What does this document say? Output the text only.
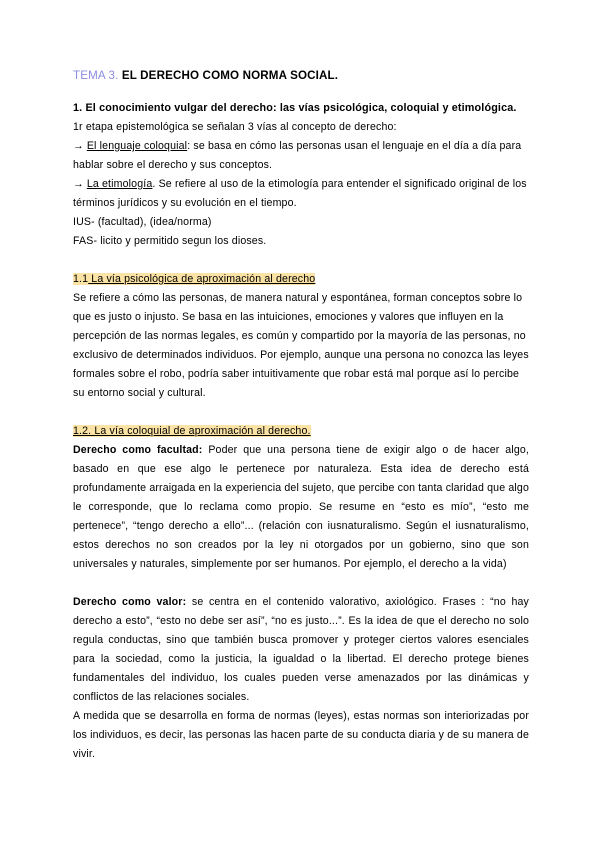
TEMA 3. EL DERECHO COMO NORMA SOCIAL.

1. El conocimiento vulgar del derecho: las vías psicológica, coloquial y etimológica.

1r etapa epistemológica se señalan 3 vías al concepto de derecho:

→ El lenguaje coloquial: se basa en cómo las personas usan el lenguaje en el día a día para hablar sobre el derecho y sus conceptos.

→ La etimología. Se refiere al uso de la etimología para entender el significado original de los términos jurídicos y su evolución en el tiempo.

IUS- (facultad), (idea/norma)

FAS- licito y permitido segun los dioses.

1.1 La vía psicológica de aproximación al derecho

Se refiere a cómo las personas, de manera natural y espontánea, forman conceptos sobre lo que es justo o injusto. Se basa en las intuiciones, emociones y valores que influyen en la percepción de las normas legales, es común y compartido por la mayoría de las personas, no exclusivo de determinados individuos. Por ejemplo, aunque una persona no conozca las leyes formales sobre el robo, podría saber intuitivamente que robar está mal porque así lo percibe su entorno social y cultural.

1.2. La vía coloquial de aproximación al derecho.

Derecho como facultad: Poder que una persona tiene de exigir algo o de hacer algo, basado en que ese algo le pertenece por naturaleza. Esta idea de derecho está profundamente arraigada en la experiencia del sujeto, que percibe con tanta claridad que algo le corresponde, que lo reclama como propio. Se resume en “esto es mío”, “esto me pertenece”, “tengo derecho a ello”... (relación con iusnaturalismo. Según el iusnaturalismo, estos derechos no son creados por la ley ni otorgados por un gobierno, sino que son universales y naturales, simplemente por ser humanos. Por ejemplo, el derecho a la vida)

Derecho como valor: se centra en el contenido valorativo, axiológico. Frases : “no hay derecho a esto”, “esto no debe ser así”, “no es justo...”. Es la idea de que el derecho no solo regula conductas, sino que también busca promover y proteger ciertos valores esenciales para la sociedad, como la justicia, la igualdad o la libertad. El derecho protege bienes fundamentales del individuo, los cuales pueden verse amenazados por las dinámicas y conflictos de las relaciones sociales.

A medida que se desarrolla en forma de normas (leyes), estas normas son interiorizadas por los individuos, es decir, las personas las hacen parte de su conducta diaria y de su manera de vivir.
